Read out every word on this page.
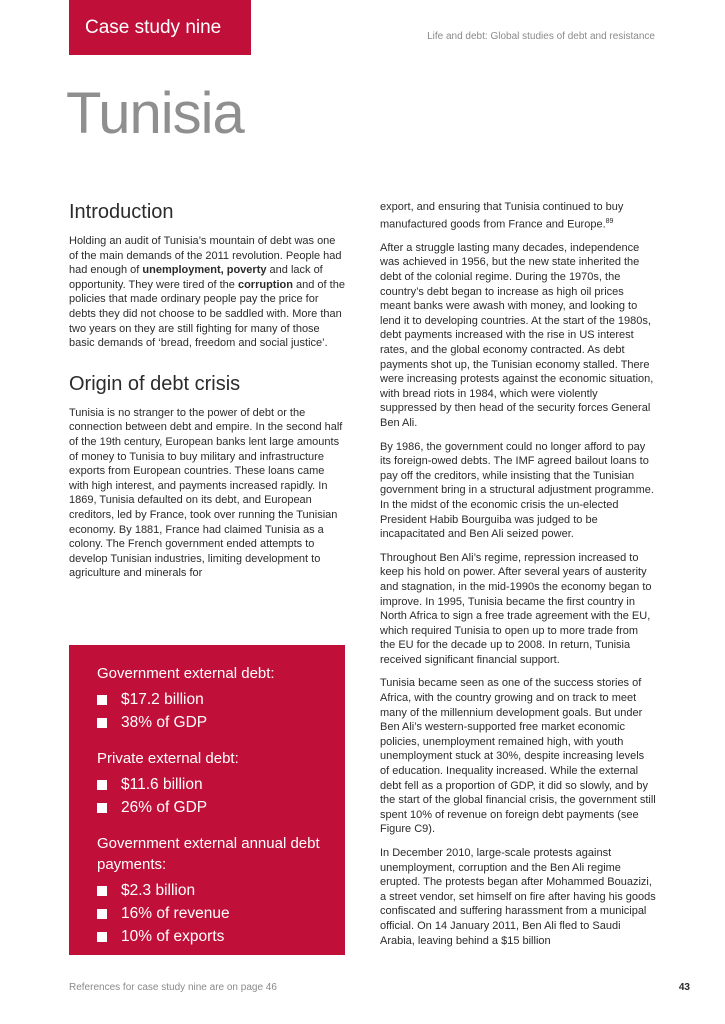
Case study nine	Life and debt: Global studies of debt and resistance
Tunisia
Introduction

Holding an audit of Tunisia’s mountain of debt was one of the main demands of the 2011 revolution. People had had enough of unemployment, poverty and lack of opportunity. They were tired of the corruption and of the policies that made ordinary people pay the price for debts they did not choose to be saddled with. More than two years on they are still fighting for many of those basic demands of ‘bread, freedom and social justice’.

Origin of debt crisis

Tunisia is no stranger to the power of debt or the connection between debt and empire. In the second half of the 19th century, European banks lent large amounts of money to Tunisia to buy military and infrastructure exports from European countries. These loans came with high interest, and payments increased rapidly. In 1869, Tunisia defaulted on its debt, and European creditors, led by France, took over running the Tunisian economy. By 1881, France had claimed Tunisia as a colony. The French government ended attempts to develop Tunisian industries, limiting development to agriculture and minerals for

export, and ensuring that Tunisia continued to buy manufactured goods from France and Europe.$^{89}$

After a struggle lasting many decades, independence was achieved in 1956, but the new state inherited the debt of the colonial regime. During the 1970s, the country’s debt began to increase as high oil prices meant banks were awash with money, and looking to lend it to developing countries. At the start of the 1980s, debt payments increased with the rise in US interest rates, and the global economy contracted. As debt payments shot up, the Tunisian economy stalled. There were increasing protests against the economic situation, with bread riots in 1984, which were violently suppressed by then head of the security forces General Ben Ali.

By 1986, the government could no longer afford to pay its foreign-owed debts. The IMF agreed bailout loans to pay off the creditors, while insisting that the Tunisian government bring in a structural adjustment programme. In the midst of the economic crisis the un-elected President Habib Bourguiba was judged to be incapacitated and Ben Ali seized power.

Throughout Ben Ali’s regime, repression increased to keep his hold on power. After several years of austerity and stagnation, in the mid-1990s the economy began to improve. In 1995, Tunisia became the first country in North Africa to sign a free trade agreement with the EU, which required Tunisia to open up to more trade from the EU for the decade up to 2008. In return, Tunisia received significant financial support.

Tunisia became seen as one of the success stories of Africa, with the country growing and on track to meet many of the millennium development goals. But under Ben Ali’s western-supported free market economic policies, unemployment remained high, with youth unemployment stuck at 30%, despite increasing levels of education. Inequality increased. While the external debt fell as a proportion of GDP, it did so slowly, and by the start of the global financial crisis, the government still spent 10% of revenue on foreign debt payments (see Figure C9).

In December 2010, large-scale protests against unemployment, corruption and the Ben Ali regime erupted. The protests began after Mohammed Bouazizi, a street vendor, set himself on fire after having his goods confiscated and suffering harassment from a municipal official. On 14 January 2011, Ben Ali fled to Saudi Arabia, leaving behind a $15 billion

Government external debt:
$17.2 billion
38% of GDP
Private external debt:
$11.6 billion
26% of GDP
Government external annual debt payments:
$2.3 billion
16% of revenue
10% of exports
References for case study nine are on page 46	43
